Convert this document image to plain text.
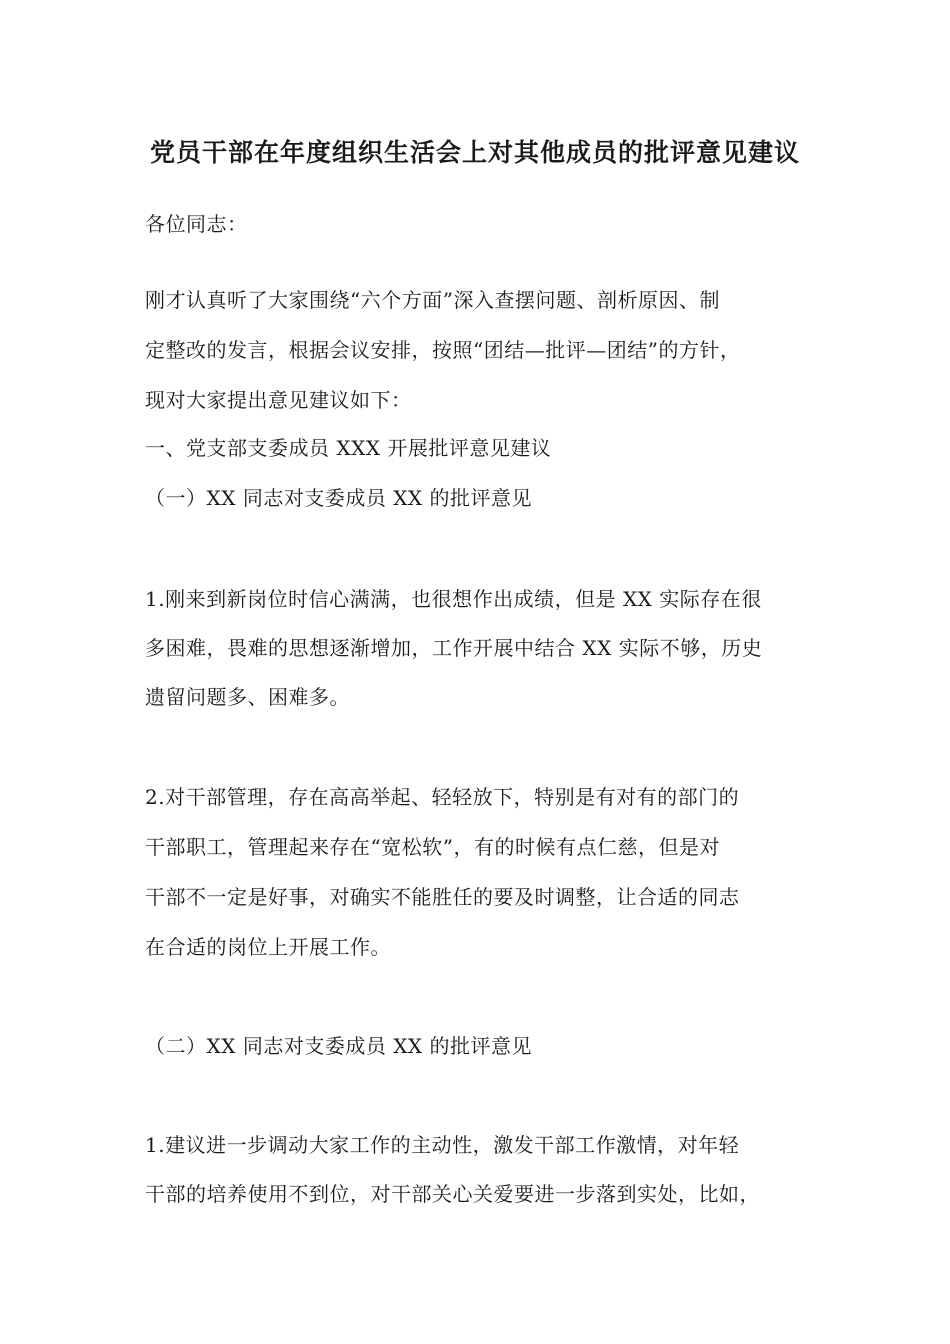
党员干部在年度组织生活会上对其他成员的批评意见建议
各位同志：
刚才认真听了大家围绕“六个方面”深入查摆问题、剖析原因、制
定整改的发言，根据会议安排，按照“团结—批评—团结”的方针，
现对大家提出意见建议如下：
一、党支部支委成员 XXX 开展批评意见建议
（一）XX 同志对支委成员 XX 的批评意见
1.刚来到新岗位时信心满满，也很想作出成绩，但是 XX 实际存在很
多困难，畏难的思想逐渐增加，工作开展中结合 XX 实际不够，历史
遗留问题多、困难多。
2.对干部管理，存在高高举起、轻轻放下，特别是有对有的部门的
干部职工，管理起来存在“宽松软”，有的时候有点仁慈，但是对
干部不一定是好事，对确实不能胜任的要及时调整，让合适的同志
在合适的岗位上开展工作。
（二）XX 同志对支委成员 XX 的批评意见
1.建议进一步调动大家工作的主动性，激发干部工作激情，对年轻
干部的培养使用不到位，对干部关心关爱要进一步落到实处，比如，
